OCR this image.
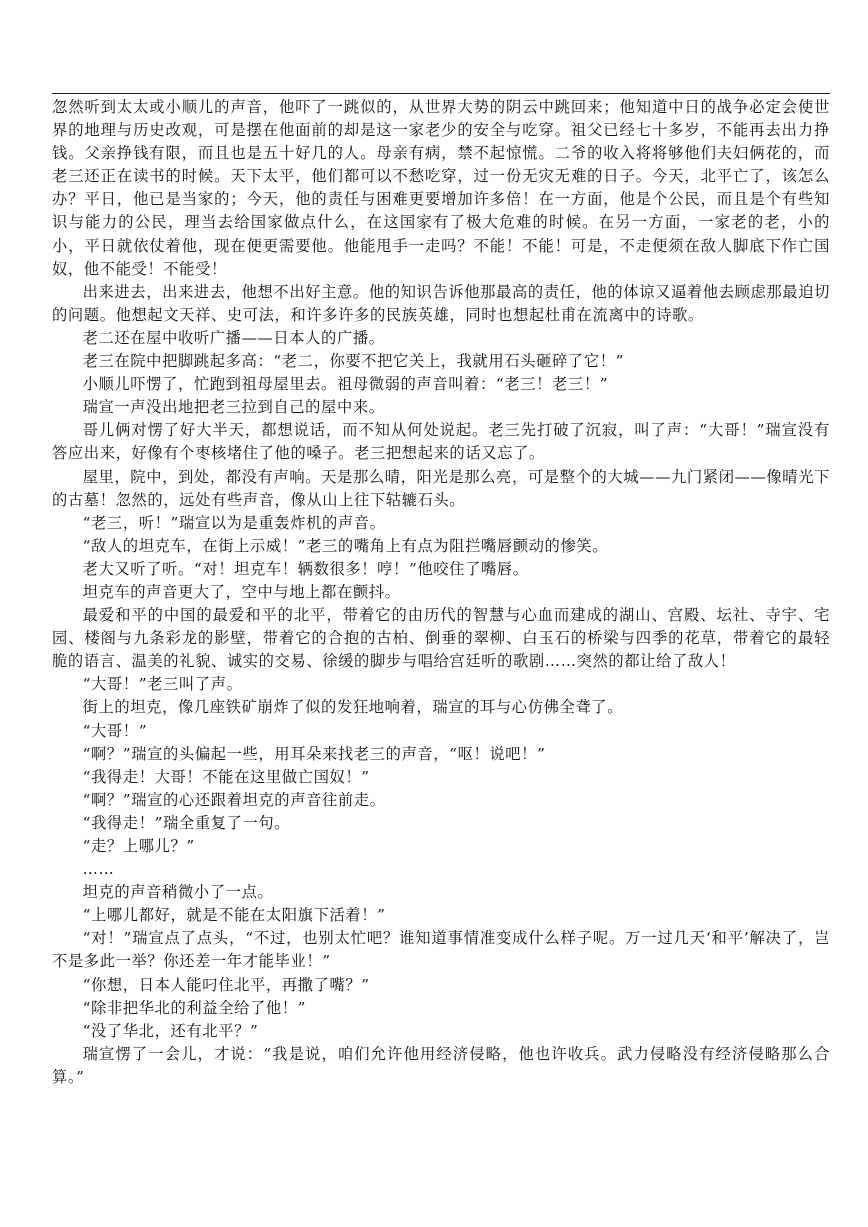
忽然听到太太或小顺儿的声音，他吓了一跳似的，从世界大势的阴云中跳回来；他知道中日的战争必定会使世界的地理与历史改观，可是摆在他面前的却是这一家老少的安全与吃穿。祖父已经七十多岁，不能再去出力挣钱。父亲挣钱有限，而且也是五十好几的人。母亲有病，禁不起惊慌。二爷的收入将将够他们夫妇俩花的，而老三还正在读书的时候。天下太平，他们都可以不愁吃穿，过一份无灾无难的日子。今天，北平亡了，该怎么办？平日，他已是当家的；今天，他的责任与困难更要增加许多倍！在一方面，他是个公民，而且是个有些知识与能力的公民，理当去给国家做点什么，在这国家有了极大危难的时候。在另一方面，一家老的老，小的小，平日就依仗着他，现在便更需要他。他能甩手一走吗？不能！不能！可是，不走便须在敌人脚底下作亡国奴，他不能受！不能受！

出来进去，出来进去，他想不出好主意。他的知识告诉他那最高的责任，他的体谅又逼着他去顾虑那最迫切的问题。他想起文天祥、史可法，和许多许多的民族英雄，同时也想起杜甫在流离中的诗歌。

老二还在屋中收听广播——日本人的广播。

老三在院中把脚跳起多高：“老二，你要不把它关上，我就用石头砸碎了它！”

小顺儿吓愣了，忙跑到祖母屋里去。祖母微弱的声音叫着：“老三！老三！”

瑞宣一声没出地把老三拉到自己的屋中来。

哥儿俩对愣了好大半天，都想说话，而不知从何处说起。老三先打破了沉寂，叫了声：“大哥！”瑞宣没有答应出来，好像有个枣核堵住了他的嗓子。老三把想起来的话又忘了。

屋里，院中，到处，都没有声响。天是那么晴，阳光是那么亮，可是整个的大城——九门紧闭——像晴光下的古墓！忽然的，远处有些声音，像从山上往下轱辘石头。

“老三，听！”瑞宣以为是重轰炸机的声音。

“敌人的坦克车，在街上示威！”老三的嘴角上有点为阻拦嘴唇颤动的惨笑。

老大又听了听。“对！坦克车！辆数很多！哼！”他咬住了嘴唇。

坦克车的声音更大了，空中与地上都在颤抖。

最爱和平的中国的最爱和平的北平，带着它的由历代的智慧与心血而建成的湖山、宫殿、坛社、寺宇、宅园、楼阁与九条彩龙的影壁，带着它的合抱的古柏、倒垂的翠柳、白玉石的桥梁与四季的花草，带着它的最轻脆的语言、温美的礼貌、诚实的交易、徐缓的脚步与唱给宫廷听的歌剧……突然的都让给了敌人！

“大哥！”老三叫了声。

街上的坦克，像几座铁矿崩炸了似的发狂地响着，瑞宣的耳与心仿佛全聋了。

“大哥！”

“啊？”瑞宣的头偏起一些，用耳朵来找老三的声音，“呕！说吧！”

“我得走！大哥！不能在这里做亡国奴！”

“啊？”瑞宣的心还跟着坦克的声音往前走。

“我得走！”瑞全重复了一句。

“走？上哪儿？”

……

坦克的声音稍微小了一点。

“上哪儿都好，就是不能在太阳旗下活着！”

“对！”瑞宣点了点头，“不过，也别太忙吧？谁知道事情准变成什么样子呢。万一过几天‘和平’解决了，岂不是多此一举？你还差一年才能毕业！”

“你想，日本人能叼住北平，再撒了嘴？”

“除非把华北的利益全给了他！”

“没了华北，还有北平？”

瑞宣愣了一会儿，才说：“我是说，咱们允许他用经济侵略，他也许收兵。武力侵略没有经济侵略那么合算。”
